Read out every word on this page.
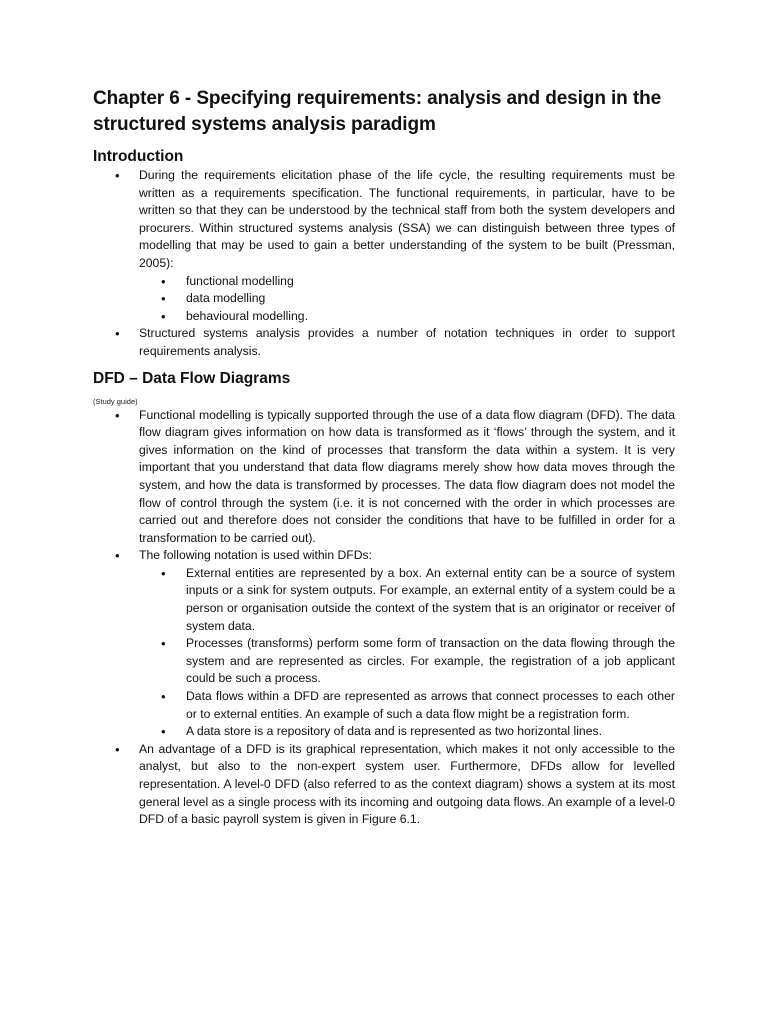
Chapter 6 - Specifying requirements: analysis and design in the structured systems analysis paradigm
Introduction
• During the requirements elicitation phase of the life cycle, the resulting requirements must be written as a requirements specification. The functional requirements, in particular, have to be written so that they can be understood by the technical staff from both the system developers and procurers. Within structured systems analysis (SSA) we can distinguish between three types of modelling that may be used to gain a better understanding of the system to be built (Pressman, 2005):

• functional modelling

• data modelling

• behavioural modelling.

• Structured systems analysis provides a number of notation techniques in order to support requirements analysis.

DFD – Data Flow Diagrams

(Study guide)

• Functional modelling is typically supported through the use of a data flow diagram (DFD). The data flow diagram gives information on how data is transformed as it ‘flows’ through the system, and it gives information on the kind of processes that transform the data within a system. It is very important that you understand that data flow diagrams merely show how data moves through the system, and how the data is transformed by processes. The data flow diagram does not model the flow of control through the system (i.e. it is not concerned with the order in which processes are carried out and therefore does not consider the conditions that have to be fulfilled in order for a transformation to be carried out).

• The following notation is used within DFDs:

• External entities are represented by a box. An external entity can be a source of system inputs or a sink for system outputs. For example, an external entity of a system could be a person or organisation outside the context of the system that is an originator or receiver of system data.

• Processes (transforms) perform some form of transaction on the data flowing through the system and are represented as circles. For example, the registration of a job applicant could be such a process.

• Data flows within a DFD are represented as arrows that connect processes to each other or to external entities. An example of such a data flow might be a registration form.

• A data store is a repository of data and is represented as two horizontal lines.

• An advantage of a DFD is its graphical representation, which makes it not only accessible to the analyst, but also to the non-expert system user. Furthermore, DFDs allow for levelled representation. A level-0 DFD (also referred to as the context diagram) shows a system at its most general level as a single process with its incoming and outgoing data flows. An example of a level-0 DFD of a basic payroll system is given in Figure 6.1.
